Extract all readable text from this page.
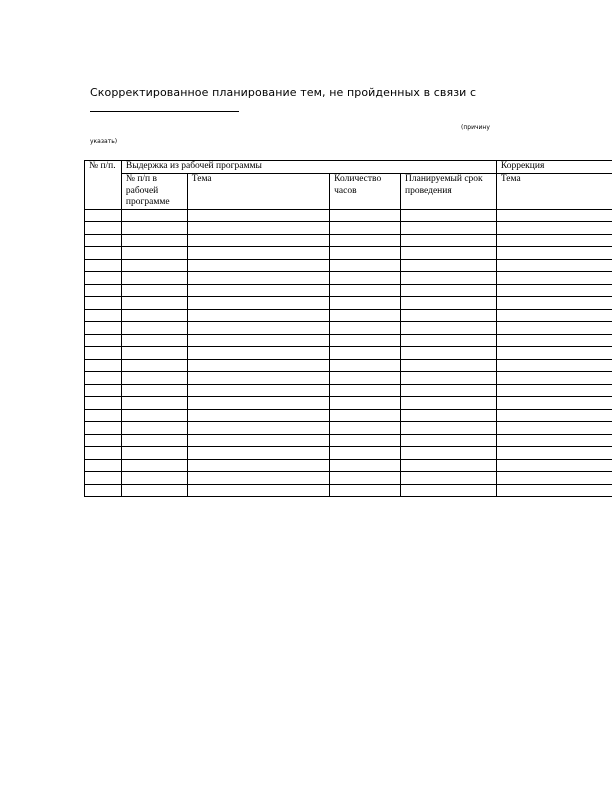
Скорректированное планирование тем, не пройденных в связи с
(причину
указать)
№ п/п.	Выдержка из рабочей программы				Коррекция
	№ п/п в рабочей программе	Тема	Количество часов	Планируемый срок проведения	Тема
